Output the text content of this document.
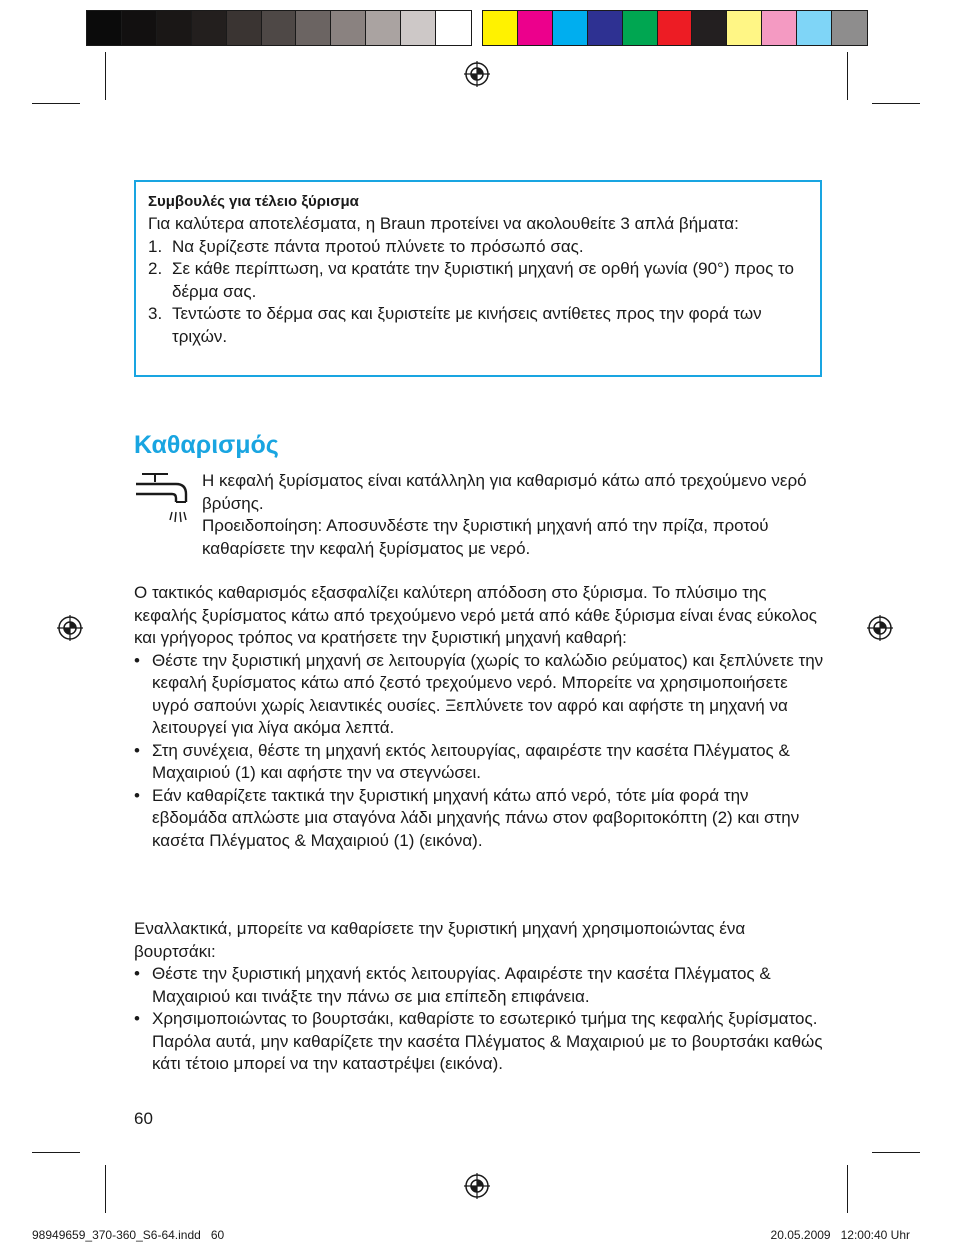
Συμβουλές για τέλειο ξύρισμα
Για καλύτερα αποτελέσματα, η Braun προτείνει να ακολουθείτε 3 απλά βήματα:
1. Να ξυρίζεστε πάντα προτού πλύνετε το πρόσωπό σας.
2. Σε κάθε περίπτωση, να κρατάτε την ξυριστική μηχανή σε ορθή γωνία (90°) προς το δέρμα σας.
3. Τεντώστε το δέρμα σας και ξυριστείτε με κινήσεις αντίθετες προς την φορά των τριχών.
Καθαρισμός
Η κεφαλή ξυρίσματος είναι κατάλληλη για καθαρισμό κάτω από τρεχούμενο νερό βρύσης.
Προειδοποίηση: Αποσυνδέστε την ξυριστική μηχανή από την πρίζα, προτού καθαρίσετε την κεφαλή ξυρίσματος με νερό.
Ο τακτικός καθαρισμός εξασφαλίζει καλύτερη απόδοση στο ξύρισμα. Το πλύσιμο της κεφαλής ξυρίσματος κάτω από τρεχούμενο νερό μετά από κάθε ξύρισμα είναι ένας εύκολος και γρήγορος τρόπος να κρατήσετε την ξυριστική μηχανή καθαρή:
• Θέστε την ξυριστική μηχανή σε λειτουργία (χωρίς το καλώδιο ρεύματος) και ξεπλύνετε την κεφαλή ξυρίσματος κάτω από ζεστό τρεχούμενο νερό. Μπορείτε να χρησιμοποιήσετε υγρό σαπούνι χωρίς λειαντικές ουσίες. Ξεπλύνετε τον αφρό και αφήστε τη μηχανή να λειτουργεί για λίγα ακόμα λεπτά.
• Στη συνέχεια, θέστε τη μηχανή εκτός λειτουργίας, αφαιρέστε την κασέτα Πλέγματος & Μαχαιριού (1) και αφήστε την να στεγνώσει.
• Εάν καθαρίζετε τακτικά την ξυριστική μηχανή κάτω από νερό, τότε μία φορά την εβδομάδα απλώστε μια σταγόνα λάδι μηχανής πάνω στον φαβοριτοκόπτη (2) και στην κασέτα Πλέγματος & Μαχαιριού (1) (εικόνα).
Εναλλακτικά, μπορείτε να καθαρίσετε την ξυριστική μηχανή χρησιμοποιώντας ένα βουρτσάκι:
• Θέστε την ξυριστική μηχανή εκτός λειτουργίας. Αφαιρέστε την κασέτα Πλέγματος & Μαχαιριού και τινάξτε την πάνω σε μια επίπεδη επιφάνεια.
• Χρησιμοποιώντας το βουρτσάκι, καθαρίστε το εσωτερικό τμήμα της κεφαλής ξυρίσματος. Παρόλα αυτά, μην καθαρίζετε την κασέτα Πλέγματος & Μαχαιριού με το βουρτσάκι καθώς κάτι τέτοιο μπορεί να την καταστρέψει (εικόνα).
60
98949659_370-360_S6-64.indd   60	20.05.2009   12:00:40 Uhr
